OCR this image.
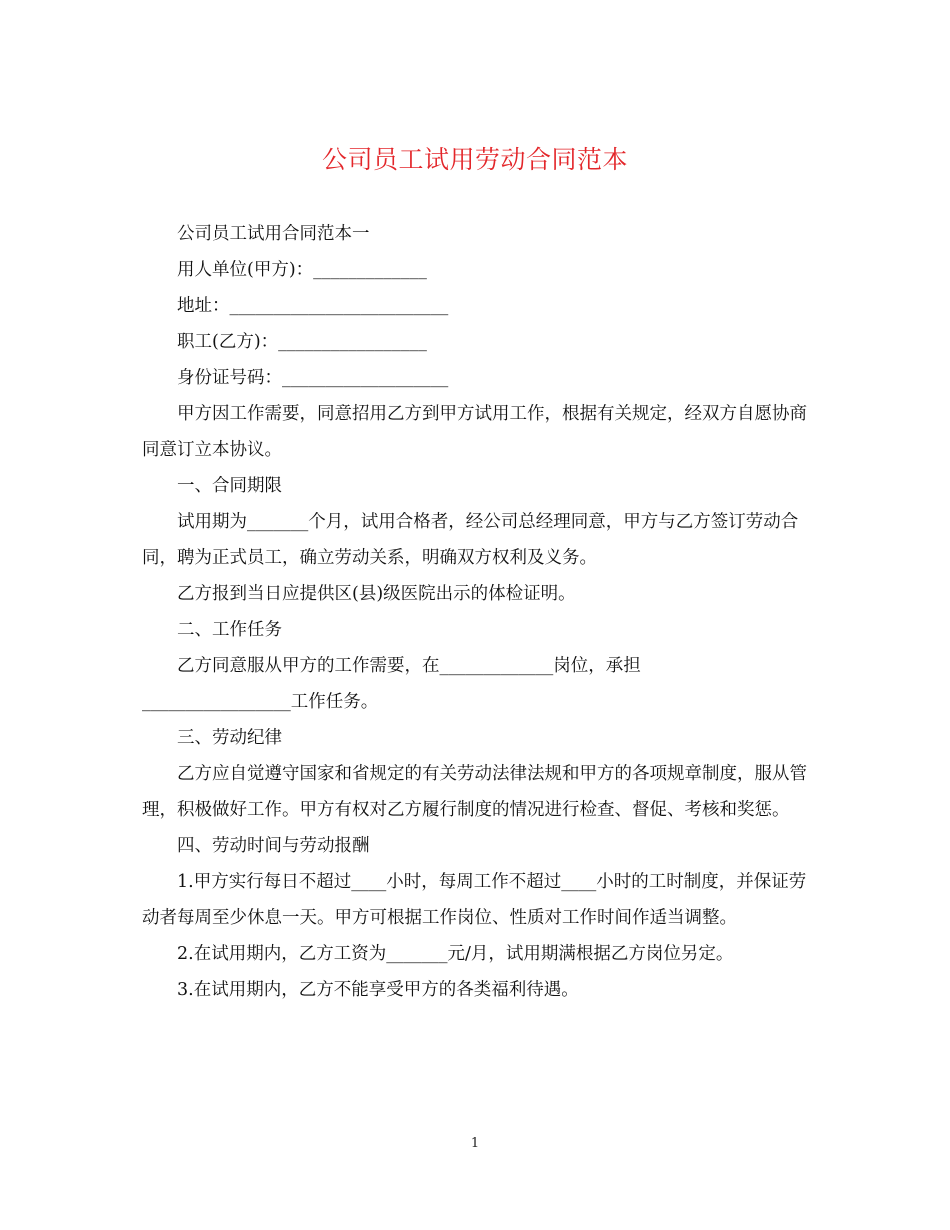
公司员工试用劳动合同范本

公司员工试用合同范本一

用人单位(甲方)：_____________

地址：_________________________

职工(乙方)：_________________

身份证号码：___________________

甲方因工作需要，同意招用乙方到甲方试用工作，根据有关规定，经双方自愿协商同意订立本协议。

一、合同期限

试用期为_______个月，试用合格者，经公司总经理同意，甲方与乙方签订劳动合同，聘为正式员工，确立劳动关系，明确双方权利及义务。

乙方报到当日应提供区(县)级医院出示的体检证明。

二、工作任务

乙方同意服从甲方的工作需要，在_____________岗位，承担

_________________工作任务。

三、劳动纪律

乙方应自觉遵守国家和省规定的有关劳动法律法规和甲方的各项规章制度，服从管理，积极做好工作。甲方有权对乙方履行制度的情况进行检查、督促、考核和奖惩。

四、劳动时间与劳动报酬

1.甲方实行每日不超过____小时，每周工作不超过____小时的工时制度，并保证劳动者每周至少休息一天。甲方可根据工作岗位、性质对工作时间作适当调整。

2.在试用期内，乙方工资为_______元/月，试用期满根据乙方岗位另定。

3.在试用期内，乙方不能享受甲方的各类福利待遇。

1
